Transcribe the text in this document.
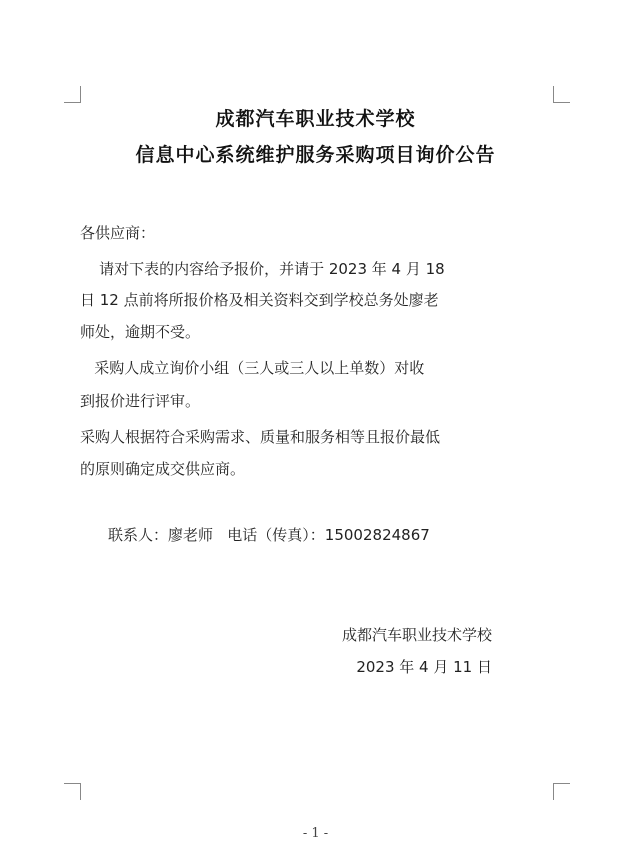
成都汽车职业技术学校
信息中心系统维护服务采购项目询价公告
各供应商：
请对下表的内容给予报价，并请于 2023 年 4 月 18
日 12 点前将所报价格及相关资料交到学校总务处廖老
师处，逾期不受。
采购人成立询价小组（三人或三人以上单数）对收
到报价进行评审。
采购人根据符合采购需求、质量和服务相等且报价最低
的原则确定成交供应商。
联系人：廖老师   电话（传真）：15002824867
成都汽车职业技术学校
2023 年 4 月 11 日
- 1 -
